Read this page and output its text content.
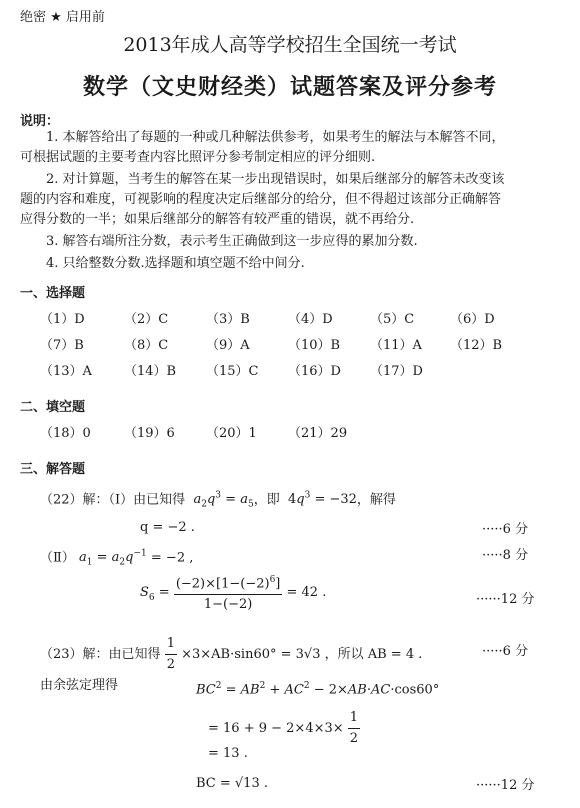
绝密 ★ 启用前
2013年成人高等学校招生全国统一考试
数学（文史财经类）试题答案及评分参考
说明：
1. 本解答给出了每题的一种或几种解法供参考，如果考生的解法与本解答不同，
可根据试题的主要考查内容比照评分参考制定相应的评分细则.
2. 对计算题，当考生的解答在某一步出现错误时，如果后继部分的解答未改变该
题的内容和难度，可视影响的程度决定后继部分的给分，但不得超过该部分正确解答
应得分数的一半；如果后继部分的解答有较严重的错误，就不再给分.
3. 解答右端所注分数，表示考生正确做到这一步应得的累加分数.
4. 只给整数分数.选择题和填空题不给中间分.
一、选择题
（1）D	（2）C	（3）B	（4）D	（5）C	（6）D
（7）B	（8）C	（9）A	（10）B （11）A （12）B
（13）A （14）B （15）C （16）D （17）D
二、填空题
（18）0	（19）6 （20）1 （21）29
三、解答题
（22）解：（Ⅰ）由已知得 $a_2q^3 = a_5$，即  $4q^3 = -32$，解得
q = −2 .	·····6 分
（Ⅱ） $a_1 = a_2q^{-1} = -2$ ,	·····8 分
$S_6 = \frac{(-2)\times[1-(-2)^6]}{1-(-2)} = 42$ .	······12 分
（23）解：由已知得 $\frac{1}{2} \times 3\times AB\cdot\sin 60^\circ = 3√3$ ，所以 AB = 4 .	·····6 分
由余弦定理得	$BC^2 = AB^2 + AC^2 - 2\times AB\cdot AC\cdot\cos 60^\circ$
= $16 + 9 - 2\times 4\times 3\times \frac{1}{2}$
= 13 .
BC = √13 .	······12 分
